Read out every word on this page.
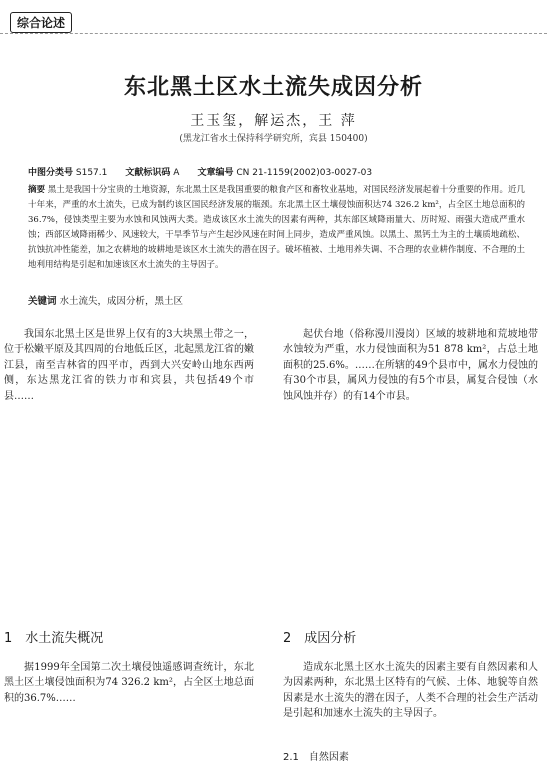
综合论述
东北黑土区水土流失成因分析
王玉玺，解运杰，王 萍
(黑龙江省水土保持科学研究所，宾县 150400)
中图分类号 S157.1 文献标识码 A 文章编号 CN 21-1159(2002)03-0027-03
摘要 黑土是我国十分宝贵的土地资源，东北黑土区是我国重要的粮食产区和畜牧业基地，对国民经济发展起着十分重要的作用。近几十年来，严重的水土流失，已成为制约该区国民经济发展的瓶颈。东北黑土区土壤侵蚀面积达74 326.2 km²，占全区土地总面积的36.7%，侵蚀类型主要为水蚀和风蚀两大类。造成该区水土流失的因素有两种，其东部区域降雨量大、历时短、雨强大造成严重水蚀；西部区域降雨稀少、风速较大，干旱季节与产生起沙风速在时间上同步，造成严重风蚀。以黑土、黑钙土为主的土壤质地疏松、抗蚀抗冲性能差，加之农耕地的坡耕地是该区水土流失的潜在因子。破坏植被、土地用养失调、不合理的农业耕作制度、不合理的土地利用结构是引起和加速该区水土流失的主导因子。
关键词 水土流失，成因分析，黑土区

我国东北黑土区是世界上仅有的3大块黑土带之一，位于松嫩平原及其四周的台地低丘区，北起黑龙江省的嫩江县，南至吉林省的四平市，西到大兴安岭山地东西两侧，东达黑龙江省的铁力市和宾县，共包括49个市县……

起伏台地（俗称漫川漫岗）区域的坡耕地和荒坡地带水蚀较为严重，水力侵蚀面积为51 878 km²，占总土地面积的25.6%。……在所辖的49个县市中，属水力侵蚀的有30个市县，属风力侵蚀的有5个市县，属复合侵蚀（水蚀风蚀并存）的有14个市县。

1　水土流失概况	2　成因分析

据1999年全国第二次土壤侵蚀遥感调查统计，东北黑土区土壤侵蚀面积为74 326.2 km²，占全区土地总面积的36.7%……

造成东北黑土区水土流失的因素主要有自然因素和人为因素两种，东北黑土区特有的气候、土体、地貌等自然因素是水土流失的潜在因子，人类不合理的社会生产活动是引起和加速水土流失的主导因子。

2.1　自然因素
